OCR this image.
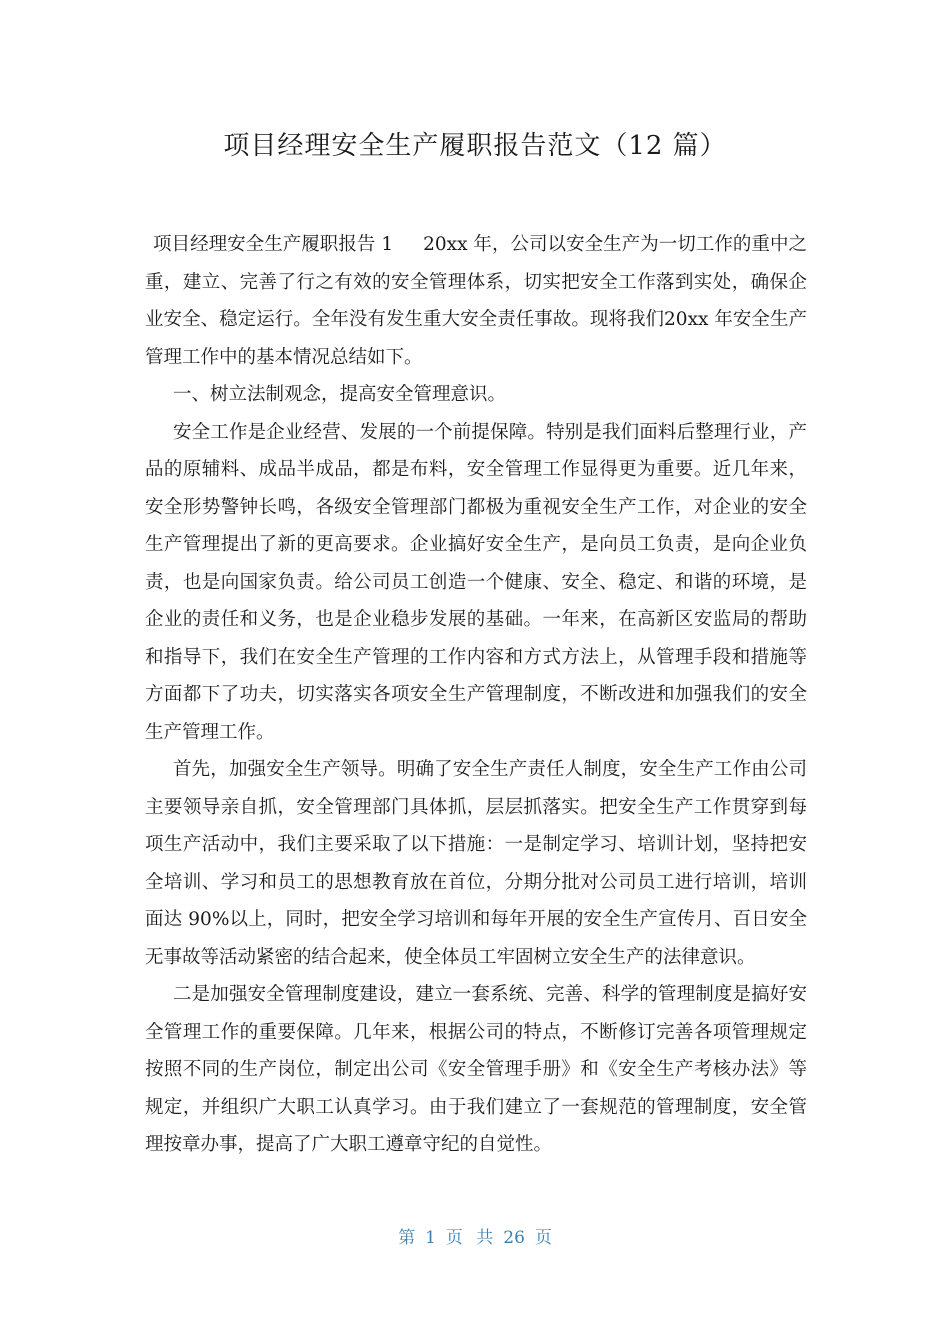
项目经理安全生产履职报告范文（12 篇）

项目经理安全生产履职报告 1 20xx 年，公司以安全生产为一切工作的重中之重，建立、完善了行之有效的安全管理体系，切实把安全工作落到实处，确保企业安全、稳定运行。全年没有发生重大安全责任事故。现将我们20xx 年安全生产管理工作中的基本情况总结如下。

一、树立法制观念，提高安全管理意识。

安全工作是企业经营、发展的一个前提保障。特别是我们面料后整理行业，产品的原辅料、成品半成品，都是布料，安全管理工作显得更为重要。近几年来，安全形势警钟长鸣，各级安全管理部门都极为重视安全生产工作，对企业的安全生产管理提出了新的更高要求。企业搞好安全生产，是向员工负责，是向企业负责，也是向国家负责。给公司员工创造一个健康、安全、稳定、和谐的环境，是企业的责任和义务，也是企业稳步发展的基础。一年来，在高新区安监局的帮助和指导下，我们在安全生产管理的工作内容和方式方法上，从管理手段和措施等方面都下了功夫，切实落实各项安全生产管理制度，不断改进和加强我们的安全生产管理工作。

首先，加强安全生产领导。明确了安全生产责任人制度，安全生产工作由公司主要领导亲自抓，安全管理部门具体抓，层层抓落实。把安全生产工作贯穿到每项生产活动中，我们主要采取了以下措施：一是制定学习、培训计划，坚持把安全培训、学习和员工的思想教育放在首位，分期分批对公司员工进行培训，培训面达 90%以上，同时，把安全学习培训和每年开展的安全生产宣传月、百日安全无事故等活动紧密的结合起来，使全体员工牢固树立安全生产的法律意识。

二是加强安全管理制度建设，建立一套系统、完善、科学的管理制度是搞好安全管理工作的重要保障。几年来，根据公司的特点，不断修订完善各项管理规定按照不同的生产岗位，制定出公司《安全管理手册》和《安全生产考核办法》等规定，并组织广大职工认真学习。由于我们建立了一套规范的管理制度，安全管理按章办事，提高了广大职工遵章守纪的自觉性。

第 1 页 共 26 页
